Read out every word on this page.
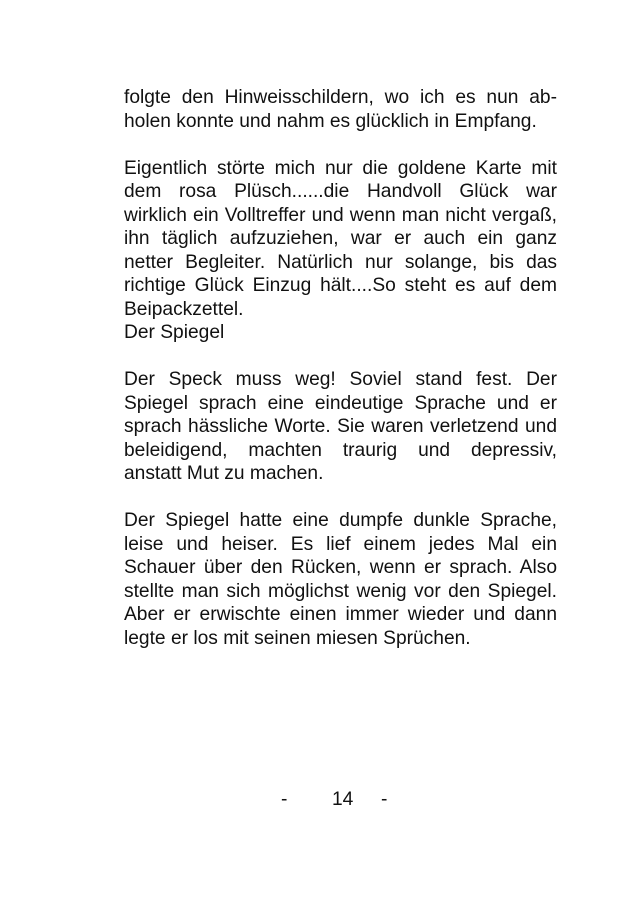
folgte den Hinweisschildern, wo ich es nun abholen konnte und nahm es glücklich in Empfang.

Eigentlich störte mich nur die goldene Karte mit dem rosa Plüsch......die Handvoll Glück war wirklich ein Volltreffer und wenn man nicht vergaß, ihn täglich aufzuziehen, war er auch ein ganz netter Begleiter. Natürlich nur solange, bis das richtige Glück Einzug hält....So steht es auf dem Beipackzettel.

Der Spiegel

Der Speck muss weg! Soviel stand fest. Der Spiegel sprach eine eindeutige Sprache und er sprach hässliche Worte. Sie waren verletzend und beleidigend, machten traurig und depressiv, anstatt Mut zu machen.

Der Spiegel hatte eine dumpfe dunkle Sprache, leise und heiser. Es lief einem jedes Mal ein Schauer über den Rücken, wenn er sprach. Also stellte man sich möglichst wenig vor den Spiegel. Aber er erwischte einen immer wieder und dann legte er los mit seinen miesen Sprüchen.

- 14 -
